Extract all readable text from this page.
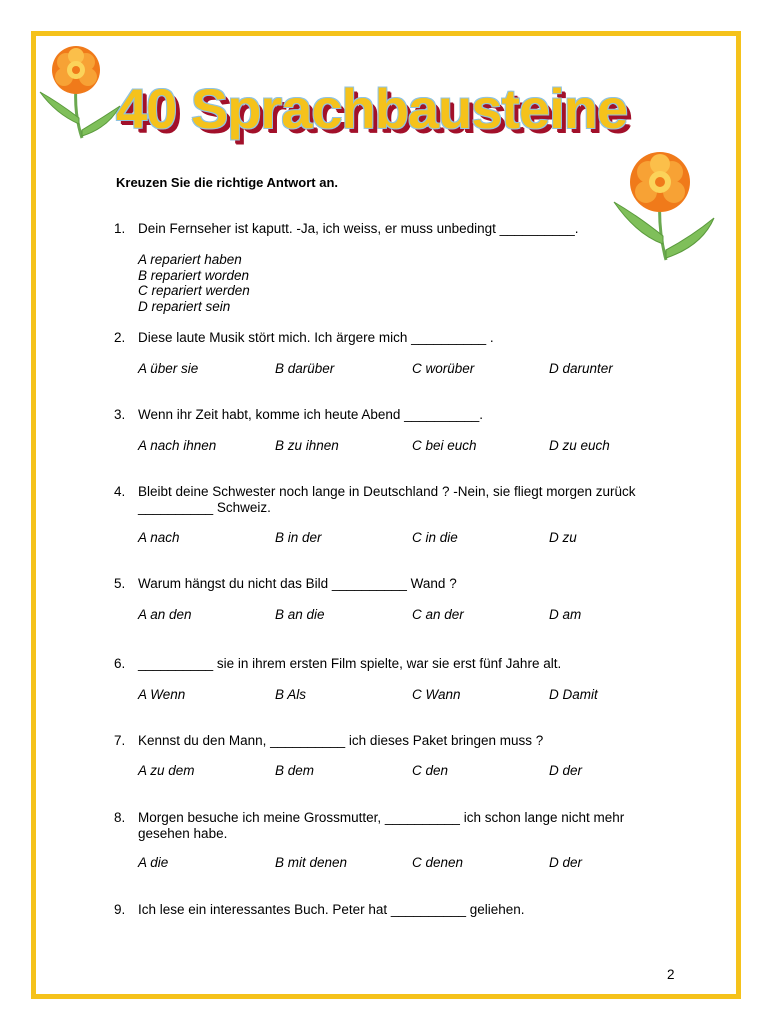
40 Sprachbausteine
Kreuzen Sie die richtige Antwort an.
1. Dein Fernseher ist kaputt. -Ja, ich weiss, er muss unbedingt __________.
A repariert haben
B repariert worden
C repariert werden
D repariert sein
2. Diese laute Musik stört mich. Ich ärgere mich __________ .
A über sie	B darüber	C worüber	D darunter
3. Wenn ihr Zeit habt, komme ich heute Abend __________.
A nach ihnen	B zu ihnen	C bei euch	D zu euch
4. Bleibt deine Schwester noch lange in Deutschland ? -Nein, sie fliegt morgen zurück __________ Schweiz.
A nach	B in der	C in die	D zu
5. Warum hängst du nicht das Bild __________ Wand ?
A an den	B an die	C an der	D am
6. __________ sie in ihrem ersten Film spielte, war sie erst fünf Jahre alt.
A Wenn	B Als	C Wann	D Damit
7. Kennst du den Mann, __________ ich dieses Paket bringen muss ?
A zu dem	B dem	C den	D der
8. Morgen besuche ich meine Grossmutter, __________ ich schon lange nicht mehr gesehen habe.
A die	B mit denen	C denen	D der
9. Ich lese ein interessantes Buch. Peter hat __________ geliehen.
2
